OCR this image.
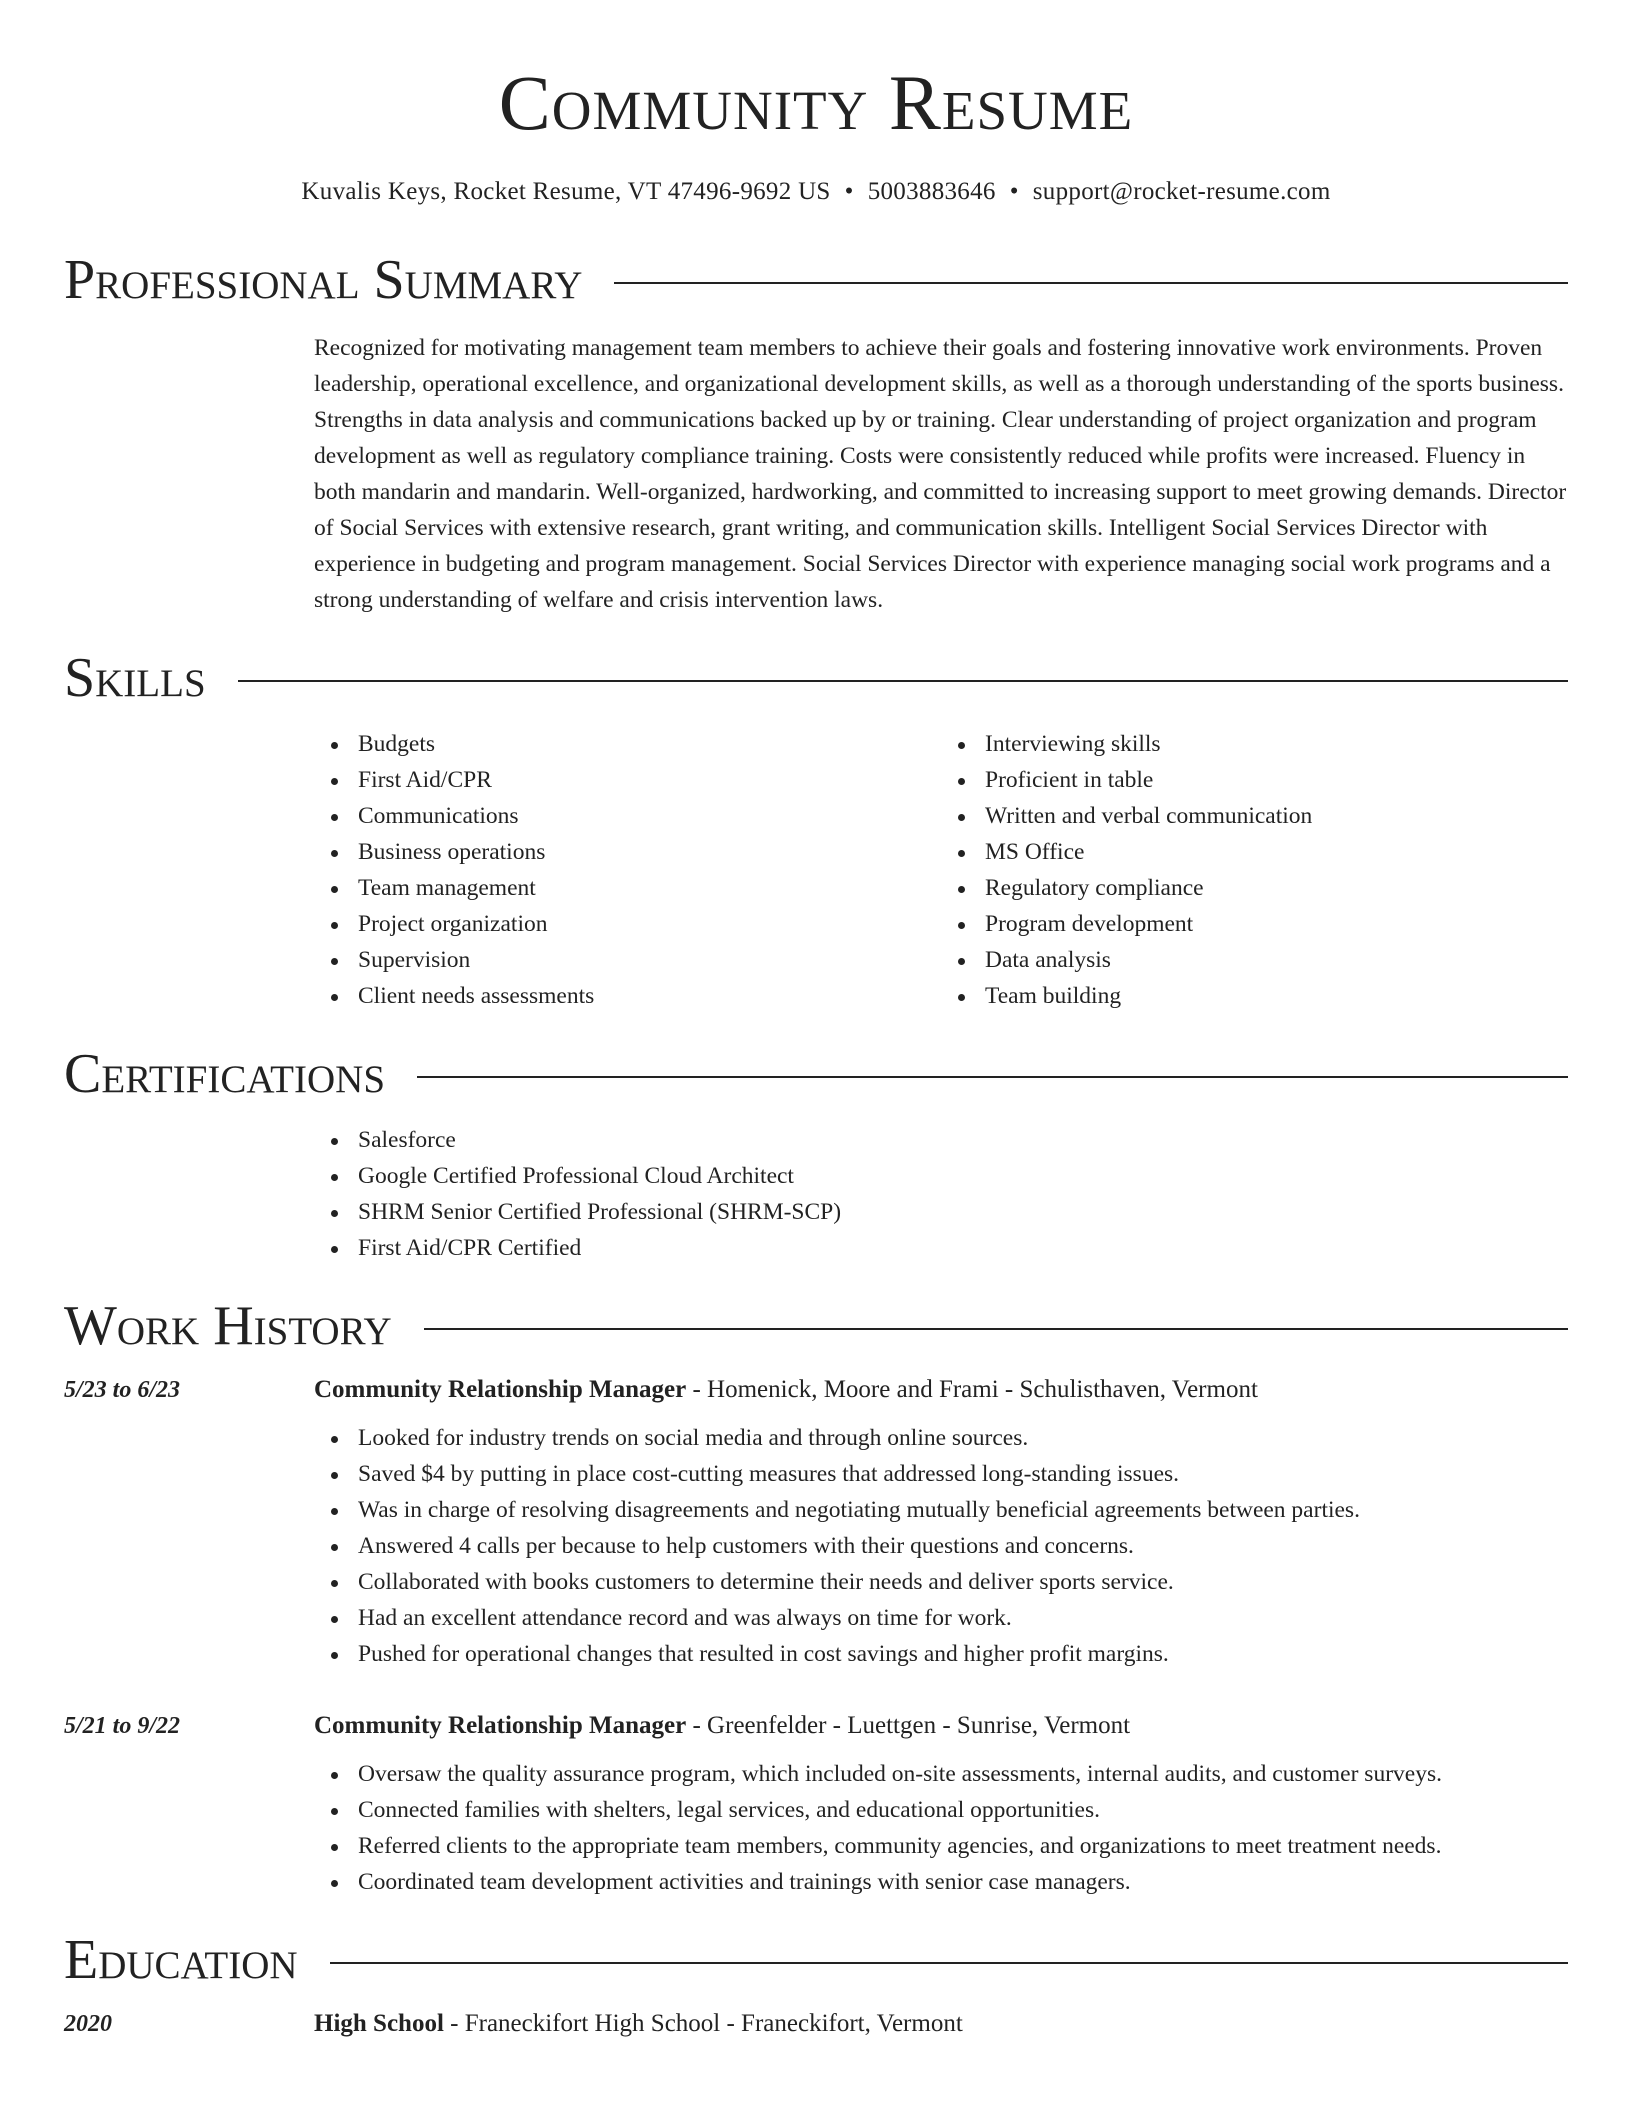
Community Resume
Kuvalis Keys, Rocket Resume, VT 47496-9692 US • 5003883646 • support@rocket-resume.com
Professional Summary

Recognized for motivating management team members to achieve their goals and fostering innovative work environments. Proven leadership, operational excellence, and organizational development skills, as well as a thorough understanding of the sports business. Strengths in data analysis and communications backed up by or training. Clear understanding of project organization and program development as well as regulatory compliance training. Costs were consistently reduced while profits were increased. Fluency in both mandarin and mandarin. Well-organized, hardworking, and committed to increasing support to meet growing demands. Director of Social Services with extensive research, grant writing, and communication skills. Intelligent Social Services Director with experience in budgeting and program management. Social Services Director with experience managing social work programs and a strong understanding of welfare and crisis intervention laws.

Skills
Budgets
First Aid/CPR
Communications
Business operations
Team management
Project organization
Supervision
Client needs assessments
Interviewing skills
Proficient in table
Written and verbal communication
MS Office
Regulatory compliance
Program development
Data analysis
Team building
Certifications
Salesforce
Google Certified Professional Cloud Architect
SHRM Senior Certified Professional (SHRM-SCP)
First Aid/CPR Certified
Work History
5/23 to 6/23	Community Relationship Manager - Homenick, Moore and Frami - Schulisthaven, Vermont
Looked for industry trends on social media and through online sources.
Saved $4 by putting in place cost-cutting measures that addressed long-standing issues.
Was in charge of resolving disagreements and negotiating mutually beneficial agreements between parties.
Answered 4 calls per because to help customers with their questions and concerns.
Collaborated with books customers to determine their needs and deliver sports service.
Had an excellent attendance record and was always on time for work.
Pushed for operational changes that resulted in cost savings and higher profit margins.
5/21 to 9/22	Community Relationship Manager - Greenfelder - Luettgen - Sunrise, Vermont
Oversaw the quality assurance program, which included on-site assessments, internal audits, and customer surveys.
Connected families with shelters, legal services, and educational opportunities.
Referred clients to the appropriate team members, community agencies, and organizations to meet treatment needs.
Coordinated team development activities and trainings with senior case managers.
Education
2020	High School - Franeckifort High School - Franeckifort, Vermont
